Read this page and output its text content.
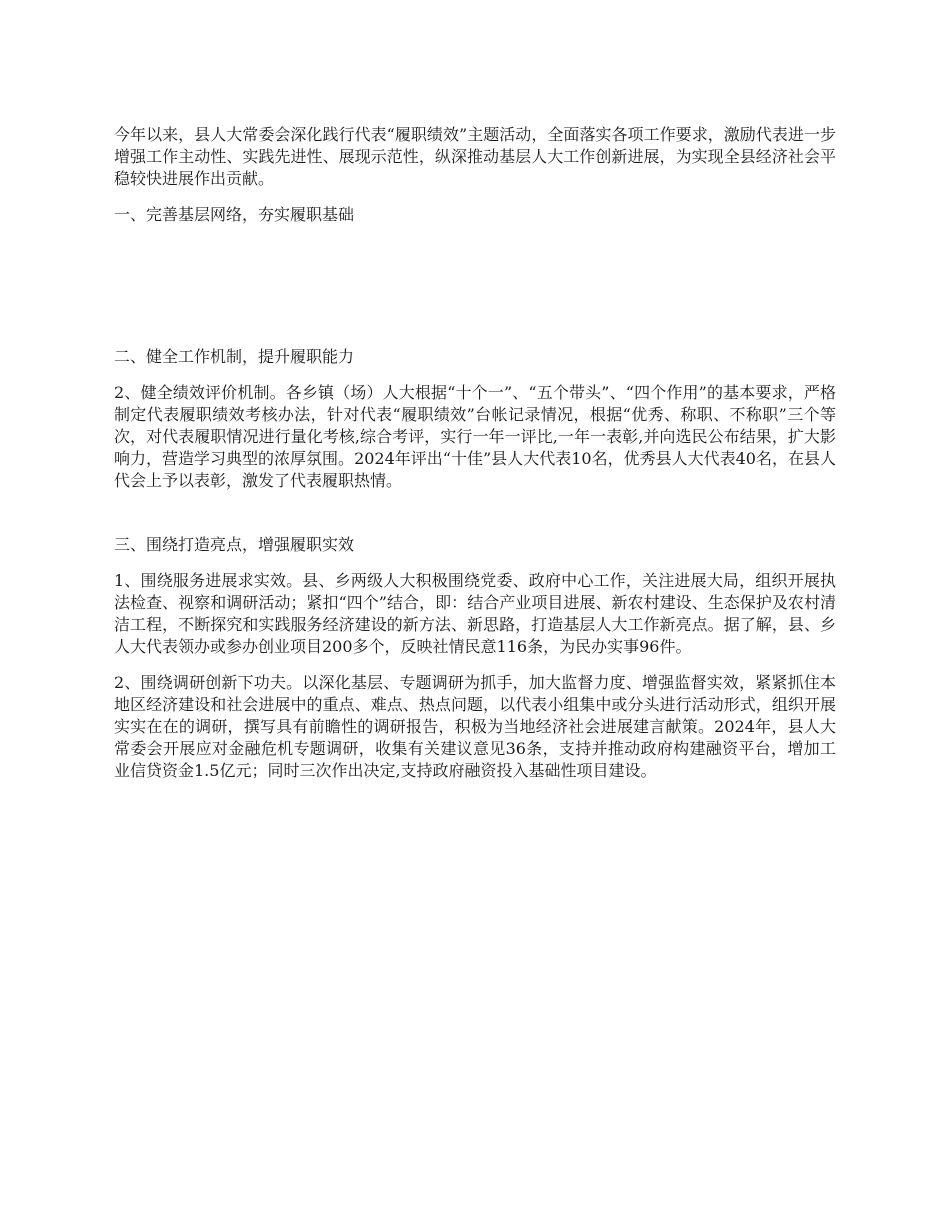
今年以来，县人大常委会深化践行代表“履职绩效”主题活动，全面落实各项工作要求，激励代表进一步增强工作主动性、实践先进性、展现示范性，纵深推动基层人大工作创新进展，为实现全县经济社会平稳较快进展作出贡献。

一、完善基层网络，夯实履职基础

二、健全工作机制，提升履职能力

2、健全绩效评价机制。各乡镇（场）人大根据“十个一”、“五个带头”、“四个作用”的基本要求，严格制定代表履职绩效考核办法，针对代表“履职绩效”台帐记录情况，根据“优秀、称职、不称职”三个等次，对代表履职情况进行量化考核,综合考评，实行一年一评比,一年一表彰,并向选民公布结果，扩大影响力，营造学习典型的浓厚氛围。2024年评出“十佳”县人大代表10名，优秀县人大代表40名，在县人代会上予以表彰，激发了代表履职热情。

三、围绕打造亮点，增强履职实效

1、围绕服务进展求实效。县、乡两级人大积极围绕党委、政府中心工作，关注进展大局，组织开展执法检查、视察和调研活动；紧扣“四个”结合，即：结合产业项目进展、新农村建设、生态保护及农村清洁工程，不断探究和实践服务经济建设的新方法、新思路，打造基层人大工作新亮点。据了解，县、乡人大代表领办或参办创业项目200多个，反映社情民意116条，为民办实事96件。

2、围绕调研创新下功夫。以深化基层、专题调研为抓手，加大监督力度、增强监督实效，紧紧抓住本地区经济建设和社会进展中的重点、难点、热点问题，以代表小组集中或分头进行活动形式，组织开展实实在在的调研，撰写具有前瞻性的调研报告，积极为当地经济社会进展建言献策。2024年，县人大常委会开展应对金融危机专题调研，收集有关建议意见36条，支持并推动政府构建融资平台，增加工业信贷资金1.5亿元；同时三次作出决定,支持政府融资投入基础性项目建设。
